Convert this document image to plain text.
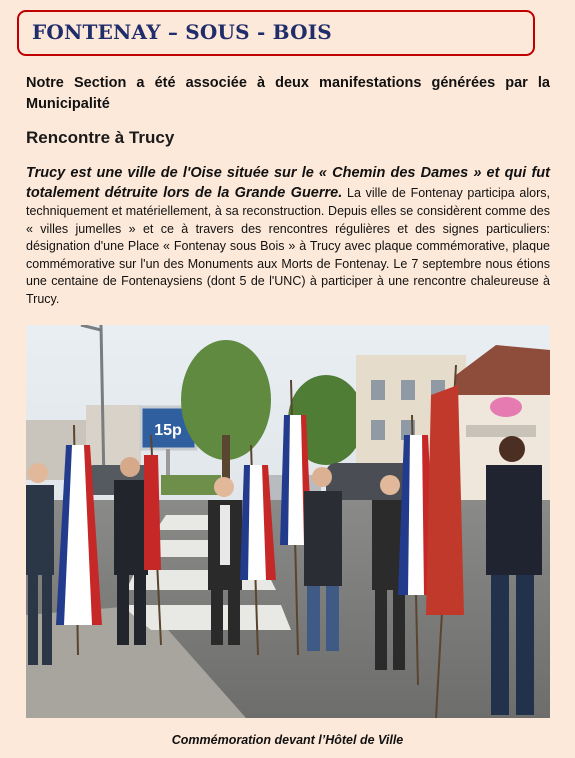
FONTENAY – SOUS - BOIS
Notre Section a été associée à deux manifestations générées par la Municipalité
Rencontre à Trucy
Trucy est une ville de l'Oise située sur le « Chemin des Dames » et qui fut totalement détruite lors de la Grande Guerre. La ville de Fontenay participa alors, techniquement et matériellement, à sa reconstruction. Depuis elles se considèrent comme des « villes jumelles » et ce à travers des rencontres régulières et des signes particuliers: désignation d'une Place « Fontenay sous Bois » à Trucy avec plaque commémorative, plaque commémorative sur l'un des Monuments aux Morts de Fontenay. Le 7 septembre nous étions une centaine de Fontenaysiens (dont 5 de l'UNC) à participer à une rencontre chaleureuse à Trucy.
15p
Commémoration devant l’Hôtel de Ville
